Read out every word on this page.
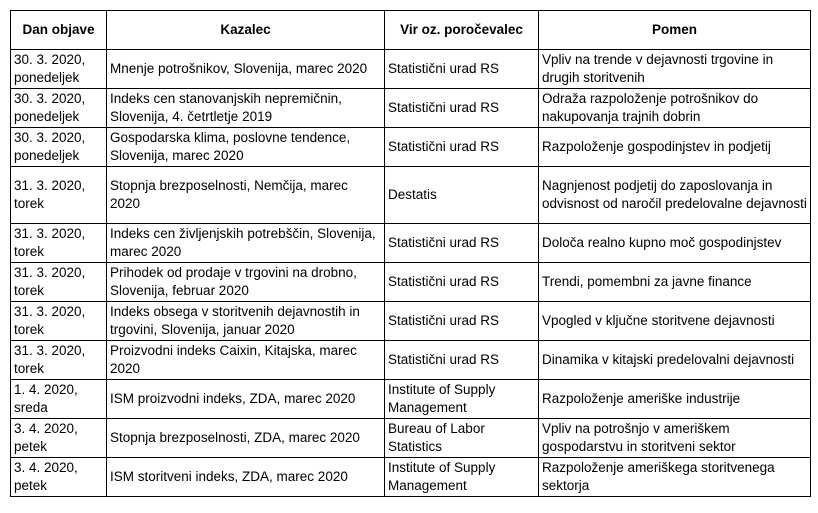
Dan objave	Kazalec	Vir oz. poročevalec	Pomen
30. 3. 2020, ponedeljek	Mnenje potrošnikov, Slovenija, marec 2020	Statistični urad RS	Vpliv na trende v dejavnosti trgovine in drugih storitvenih
30. 3. 2020, ponedeljek	Indeks cen stanovanjskih nepremičnin, Slovenija, 4. četrtletje 2019	Statistični urad RS	Odraža razpoloženje potrošnikov do nakupovanja trajnih dobrin
30. 3. 2020, ponedeljek	Gospodarska klima, poslovne tendence, Slovenija, marec 2020	Statistični urad RS	Razpoloženje gospodinjstev in podjetij
31. 3. 2020, torek	Stopnja brezposelnosti, Nemčija, marec 2020	Destatis	Nagnjenost podjetij do zaposlovanja in odvisnost od naročil predelovalne dejavnosti
31. 3. 2020, torek	Indeks cen življenjskih potrebščin, Slovenija, marec 2020	Statistični urad RS	Določa realno kupno moč gospodinjstev
31. 3. 2020, torek	Prihodek od prodaje v trgovini na drobno, Slovenija, februar 2020	Statistični urad RS	Trendi, pomembni za javne finance
31. 3. 2020, torek	Indeks obsega v storitvenih dejavnostih in trgovini, Slovenija, januar 2020	Statistični urad RS	Vpogled v ključne storitvene dejavnosti
31. 3. 2020, torek	Proizvodni indeks Caixin, Kitajska, marec 2020	Statistični urad RS	Dinamika v kitajski predelovalni dejavnosti
1. 4. 2020, sreda	ISM proizvodni indeks, ZDA, marec 2020	Institute of Supply Management	Razpoloženje ameriške industrije
3. 4. 2020, petek	Stopnja brezposelnosti, ZDA, marec 2020	Bureau of Labor Statistics	Vpliv na potrošnjo v ameriškem gospodarstvu in storitveni sektor
3. 4. 2020, petek	ISM storitveni indeks, ZDA, marec 2020	Institute of Supply Management	Razpoloženje ameriškega storitvenega sektorja
